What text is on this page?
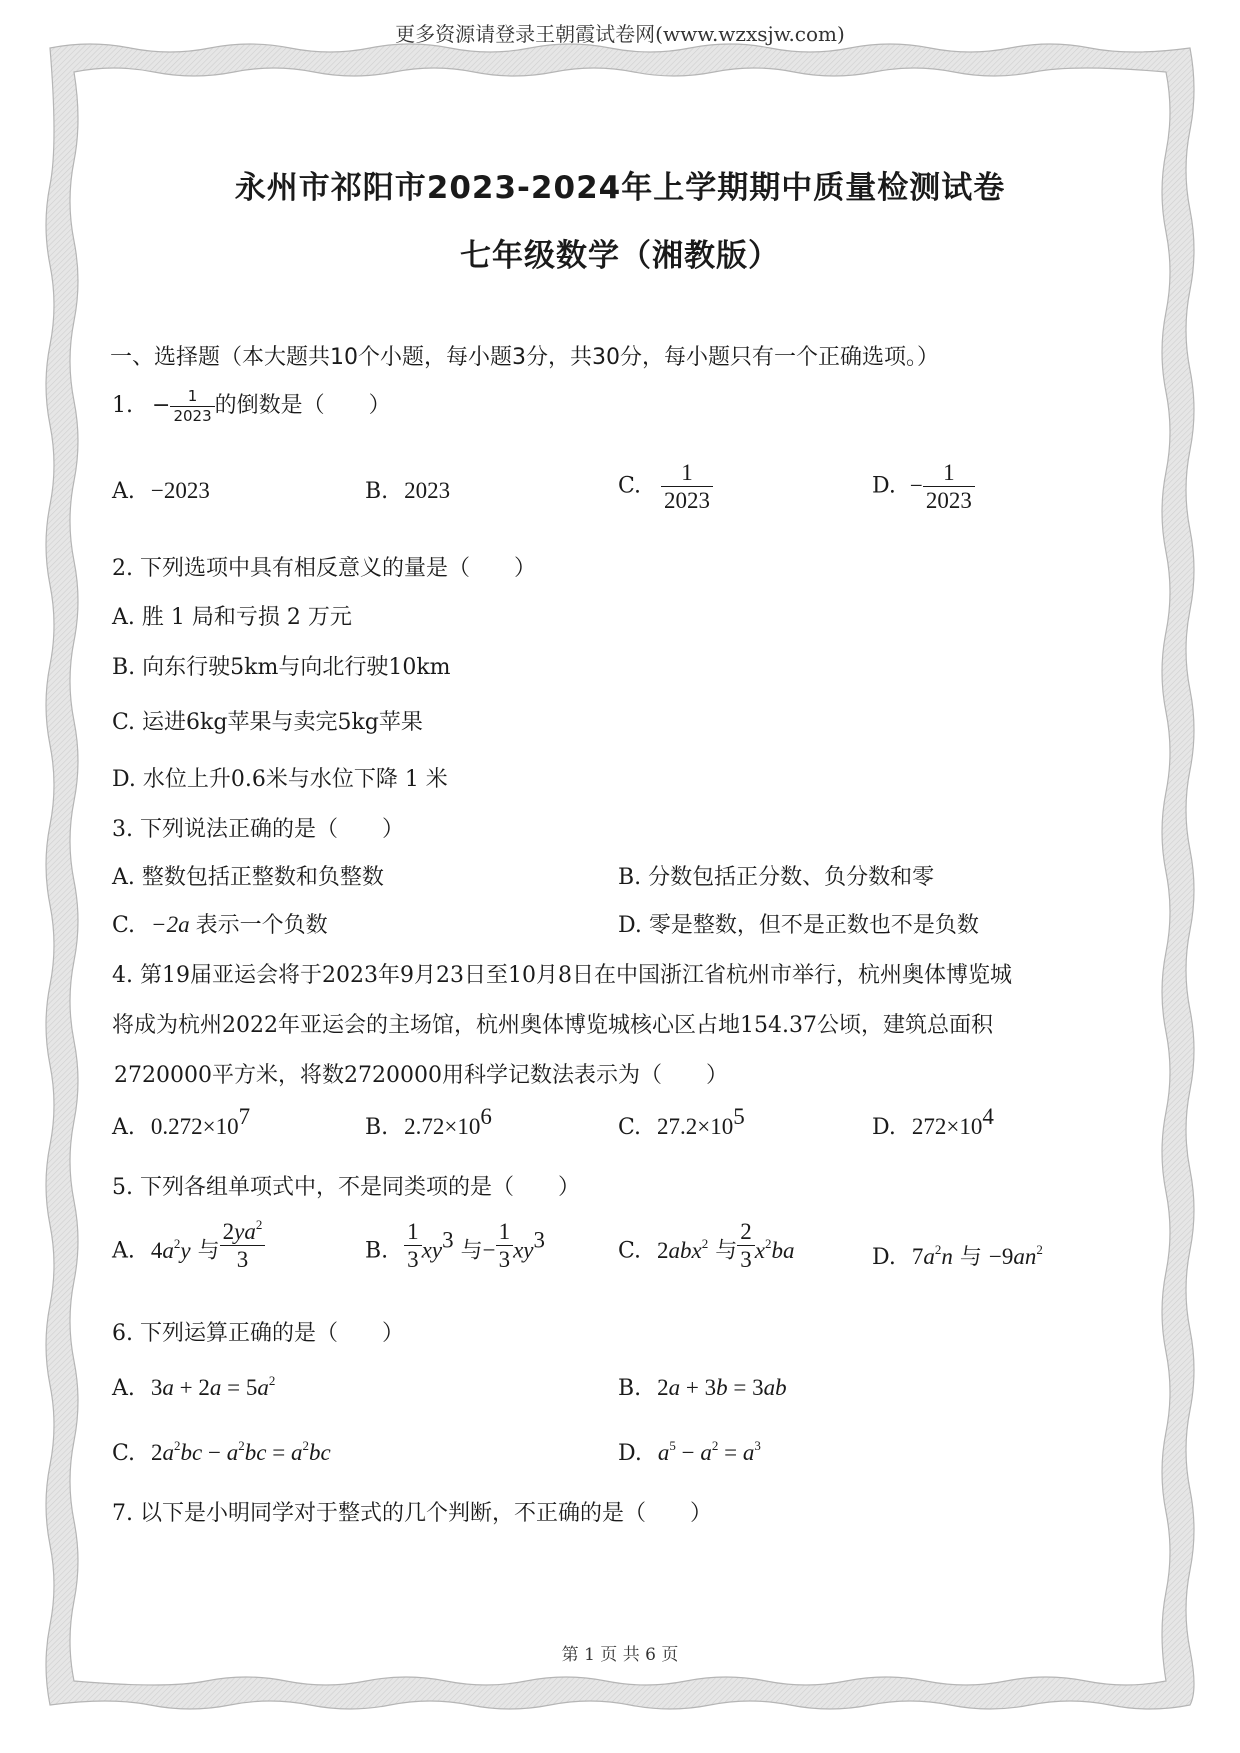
更多资源请登录王朝霞试卷网(www.wzxsjw.com)
永州市祁阳市2023-2024年上学期期中质量检测试卷
七年级数学（湘教版）
一、选择题（本大题共10个小题，每小题3分，共30分，每小题只有一个正确选项。）
1. − $\frac{1}{2023}$ 的倒数是（　　）
A. −2023	B. 2023	C. $\frac{1}{2023}$	D. − $\frac{1}{2023}$
2. 下列选项中具有相反意义的量是（　　）
A. 胜 1 局和亏损 2 万元
B. 向东行驶5km与向北行驶10km
C. 运进6kg苹果与卖完5kg苹果
D. 水位上升0.6米与水位下降 1 米
3. 下列说法正确的是（　　）
A. 整数包括正整数和负整数	B. 分数包括正分数、负分数和零
C. −2a 表示一个负数	D. 零是整数，但不是正数也不是负数
4. 第19届亚运会将于2023年9月23日至10月8日在中国浙江省杭州市举行，杭州奥体博览城
将成为杭州2022年亚运会的主场馆，杭州奥体博览城核心区占地154.37公顷，建筑总面积
2720000平方米，将数2720000用科学记数法表示为（　　）
A. $0.272\times 10^7$	B. $2.72\times 10^6$	C. $27.2\times 10^5$	D. $272\times 10^4$
5. 下列各组单项式中，不是同类项的是（　　）
A. $4a^2y$ 与 $\frac{2ya^2}{3}$	B. $\frac{1}{3} xy^3$ 与− $\frac{1}{3} xy^3$	C. 2abx$^2$ 与 $\frac{2}{3} x^2ba$	D. $7a^2n$ 与 $-9an^2$
6. 下列运算正确的是（　　）
A. $3a + 2a = 5a^2$	B. 2a + 3b = 3ab
C. $2a^2bc - a^2bc = a^2bc$	D. $a^5 - a^2 = a^3$
7. 以下是小明同学对于整式的几个判断，不正确的是（　　）
第 1 页 共 6 页
